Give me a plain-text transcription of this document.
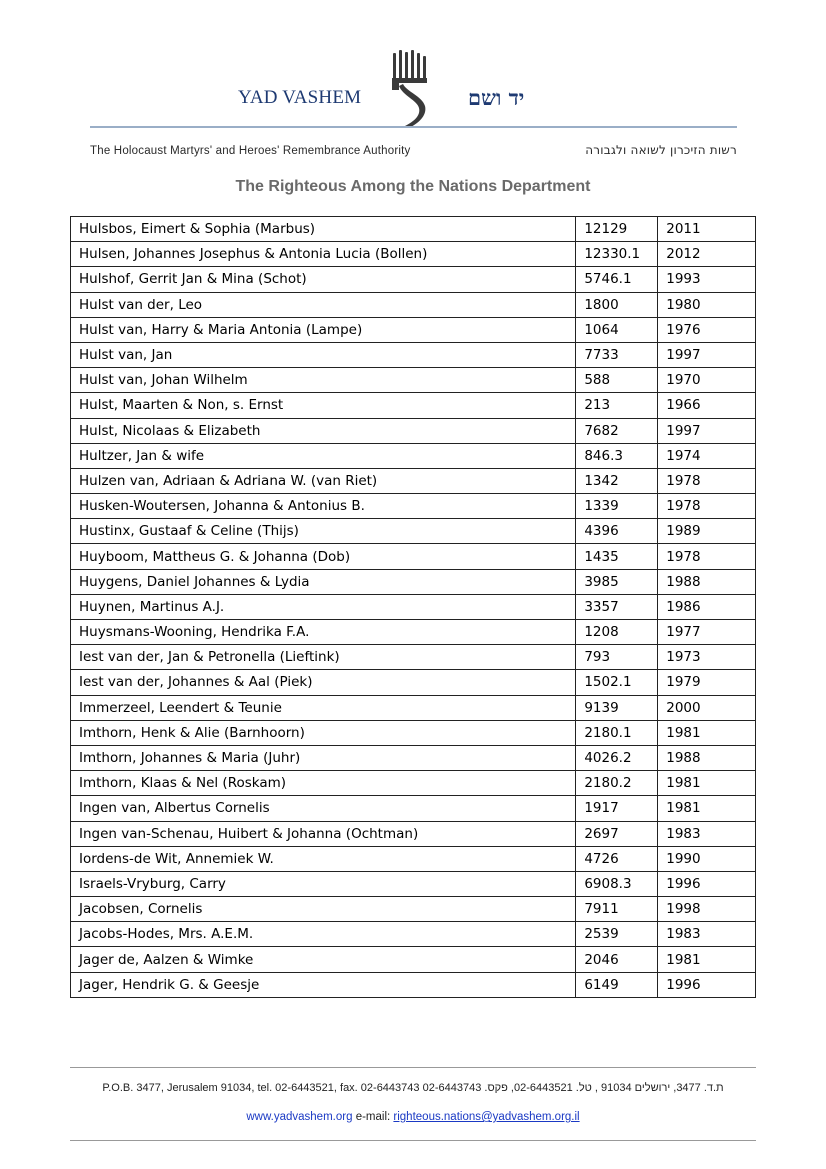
YAD VASHEM	יד ושם
The Holocaust Martyrs' and Heroes' Remembrance Authority	רשות הזיכרון לשואה ולגבורה
The Righteous Among the Nations Department
Hulsbos, Eimert & Sophia (Marbus)	12129	2011
Hulsen, Johannes Josephus & Antonia Lucia (Bollen)	12330.1	2012
Hulshof, Gerrit Jan & Mina (Schot)	5746.1	1993
Hulst van der, Leo	1800	1980
Hulst van, Harry & Maria Antonia (Lampe)	1064	1976
Hulst van, Jan	7733	1997
Hulst van, Johan Wilhelm	588	1970
Hulst, Maarten & Non, s. Ernst	213	1966
Hulst, Nicolaas & Elizabeth	7682	1997
Hultzer, Jan & wife	846.3	1974
Hulzen van, Adriaan & Adriana W. (van Riet)	1342	1978
Husken-Woutersen, Johanna & Antonius B.	1339	1978
Hustinx, Gustaaf & Celine (Thijs)	4396	1989
Huyboom, Mattheus G. & Johanna (Dob)	1435	1978
Huygens, Daniel Johannes & Lydia	3985	1988
Huynen, Martinus A.J.	3357	1986
Huysmans-Wooning, Hendrika F.A.	1208	1977
Iest van der, Jan & Petronella (Lieftink)	793	1973
Iest van der, Johannes & Aal (Piek)	1502.1	1979
Immerzeel, Leendert & Teunie	9139	2000
Imthorn, Henk & Alie (Barnhoorn)	2180.1	1981
Imthorn, Johannes & Maria (Juhr)	4026.2	1988
Imthorn, Klaas & Nel (Roskam)	2180.2	1981
Ingen van, Albertus Cornelis	1917	1981
Ingen van-Schenau, Huibert & Johanna (Ochtman)	2697	1983
Iordens-de Wit, Annemiek W.	4726	1990
Israels-Vryburg, Carry	6908.3	1996
Jacobsen, Cornelis	7911	1998
Jacobs-Hodes, Mrs. A.E.M.	2539	1983
Jager de, Aalzen & Wimke	2046	1981
Jager, Hendrik G. & Geesje	6149	1996
P.O.B. 3477, Jerusalem 91034, tel. 02-6443521, fax. 02-6443743 ת.ד. 3477, ירושלים 91034 , טל. 02-6443521, פקס. 02-6443743
www.yadvashem.org e-mail: righteous.nations@yadvashem.org.il
